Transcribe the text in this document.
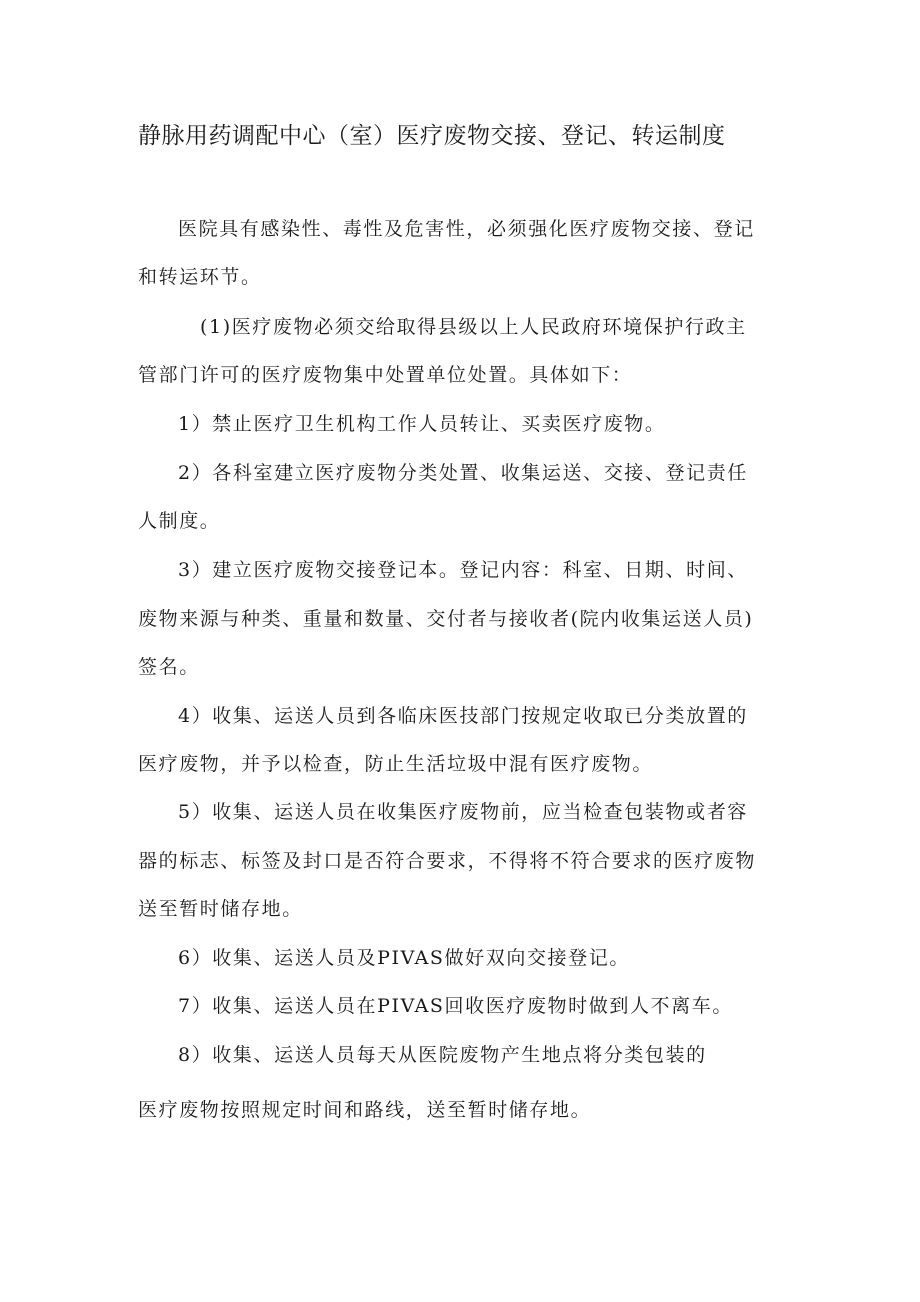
静脉用药调配中心（室）医疗废物交接、登记、转运制度
医院具有感染性、毒性及危害性，必须强化医疗废物交接、登记
和转运环节。
(1)医疗废物必须交给取得县级以上人民政府环境保护行政主
管部门许可的医疗废物集中处置单位处置。具体如下：
1）禁止医疗卫生机构工作人员转让、买卖医疗废物。
2）各科室建立医疗废物分类处置、收集运送、交接、登记责任
人制度。
3）建立医疗废物交接登记本。登记内容：科室、日期、时间、
废物来源与种类、重量和数量、交付者与接收者(院内收集运送人员)
签名。
4）收集、运送人员到各临床医技部门按规定收取已分类放置的
医疗废物，并予以检查，防止生活垃圾中混有医疗废物。
5）收集、运送人员在收集医疗废物前，应当检查包装物或者容
器的标志、标签及封口是否符合要求，不得将不符合要求的医疗废物
送至暂时储存地。
6）收集、运送人员及PIVAS做好双向交接登记。
7）收集、运送人员在PIVAS回收医疗废物时做到人不离车。
8）收集、运送人员每天从医院废物产生地点将分类包装的
医疗废物按照规定时间和路线，送至暂时储存地。
